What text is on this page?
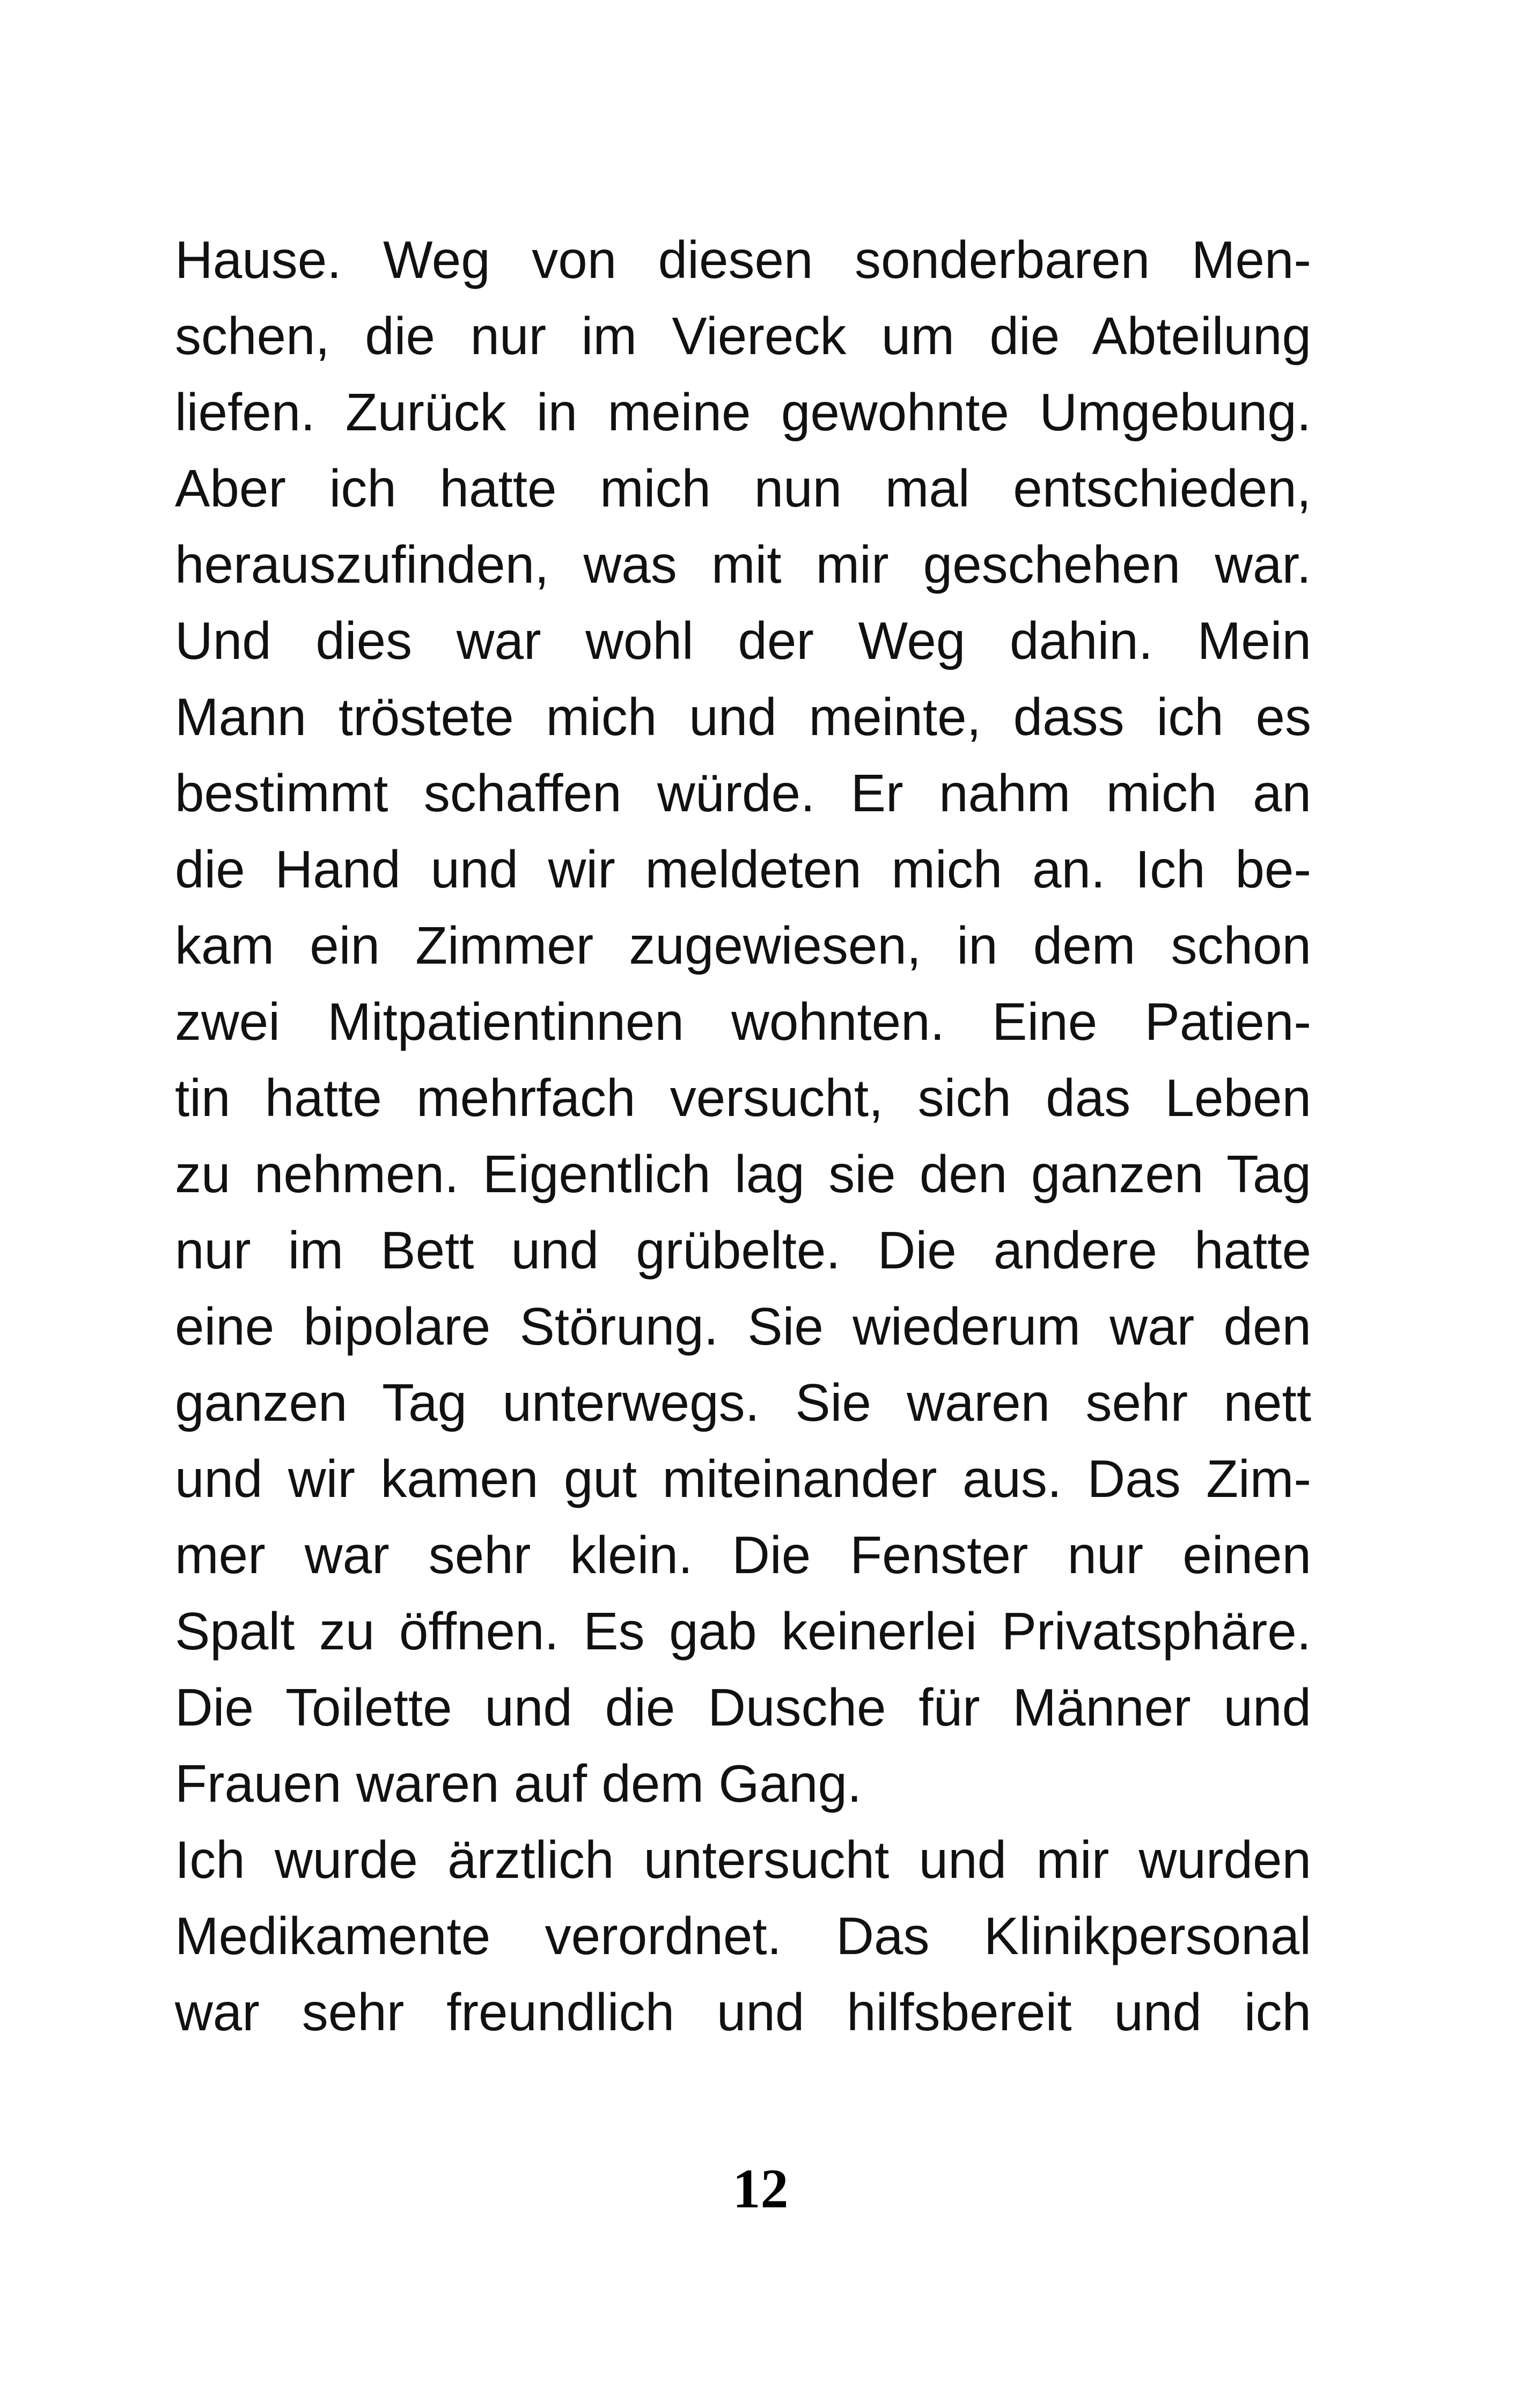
Hause. Weg von diesen sonderbaren Men-
schen, die nur im Viereck um die Abteilung
liefen. Zurück in meine gewohnte Umgebung.
Aber ich hatte mich nun mal entschieden,
herauszufinden, was mit mir geschehen war.
Und dies war wohl der Weg dahin. Mein
Mann tröstete mich und meinte, dass ich es
bestimmt schaffen würde. Er nahm mich an
die Hand und wir meldeten mich an. Ich be-
kam ein Zimmer zugewiesen, in dem schon
zwei Mitpatientinnen wohnten. Eine Patien-
tin hatte mehrfach versucht, sich das Leben
zu nehmen. Eigentlich lag sie den ganzen Tag
nur im Bett und grübelte. Die andere hatte
eine bipolare Störung. Sie wiederum war den
ganzen Tag unterwegs. Sie waren sehr nett
und wir kamen gut miteinander aus. Das Zim-
mer war sehr klein. Die Fenster nur einen
Spalt zu öffnen. Es gab keinerlei Privatsphäre.
Die Toilette und die Dusche für Männer und
Frauen waren auf dem Gang.
Ich wurde ärztlich untersucht und mir wurden
Medikamente verordnet. Das Klinikpersonal
war sehr freundlich und hilfsbereit und ich
12
